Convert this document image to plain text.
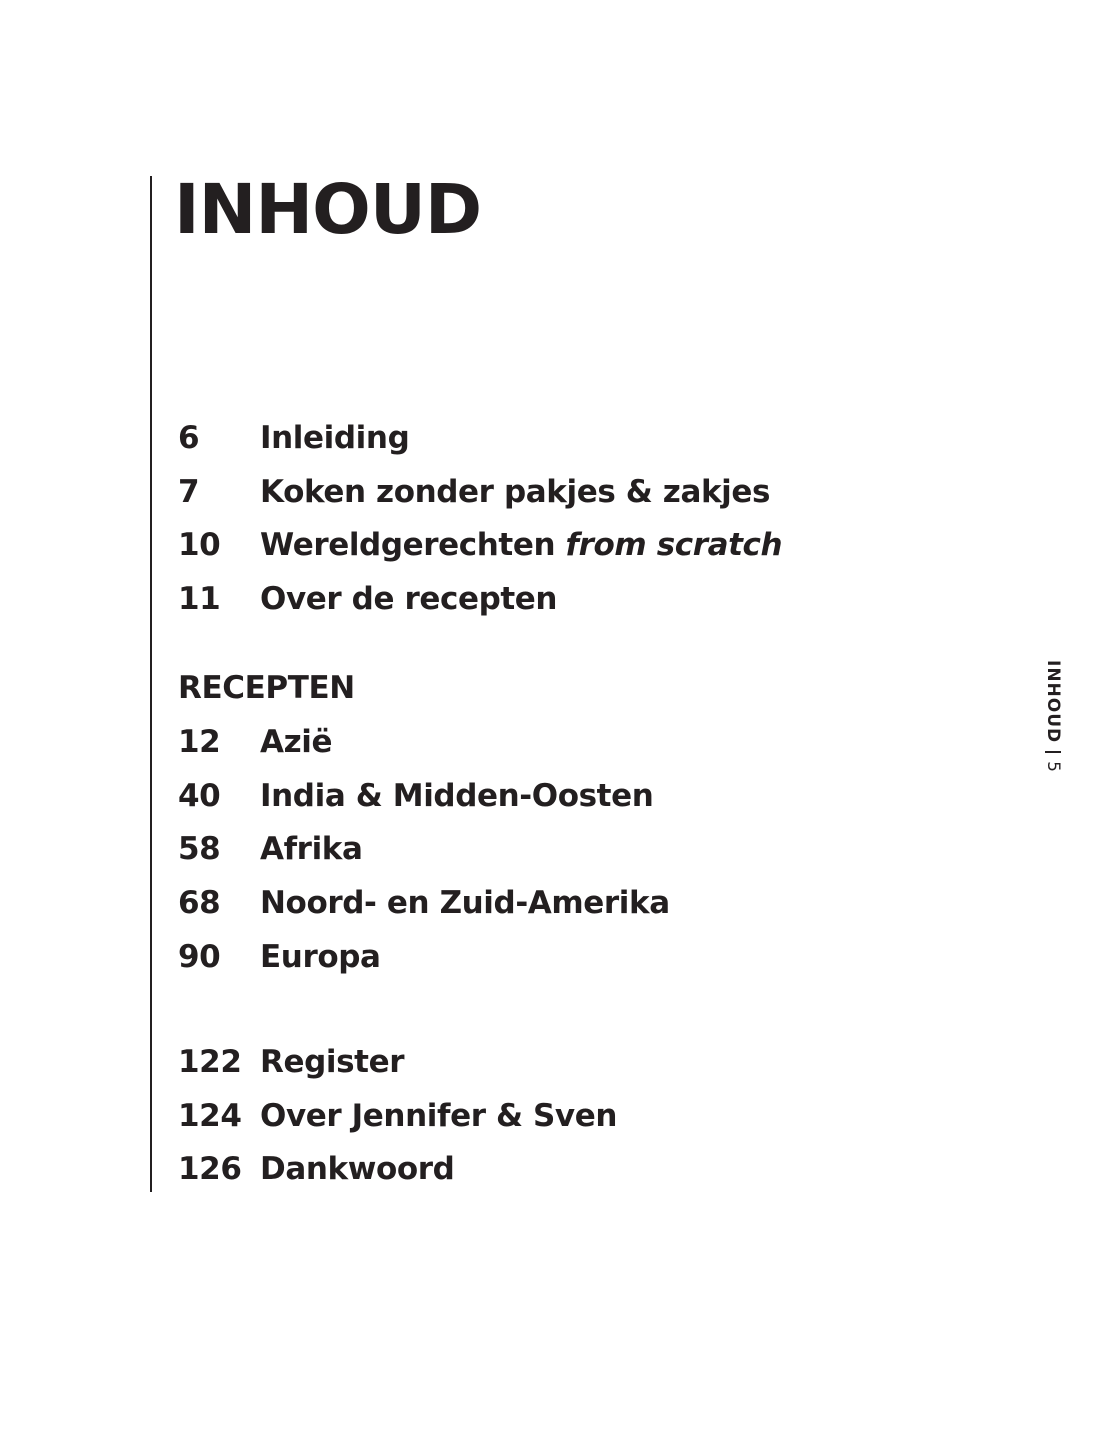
INHOUD
6	Inleiding
7	Koken zonder pakjes & zakjes
10	Wereldgerechten from scratch
11	Over de recepten
RECEPTEN
12	Azië
40	India & Midden-Oosten
58	Afrika
68	Noord- en Zuid-Amerika
90	Europa
122 Register
124 Over Jennifer & Sven
126 Dankwoord
INHOUD
5
